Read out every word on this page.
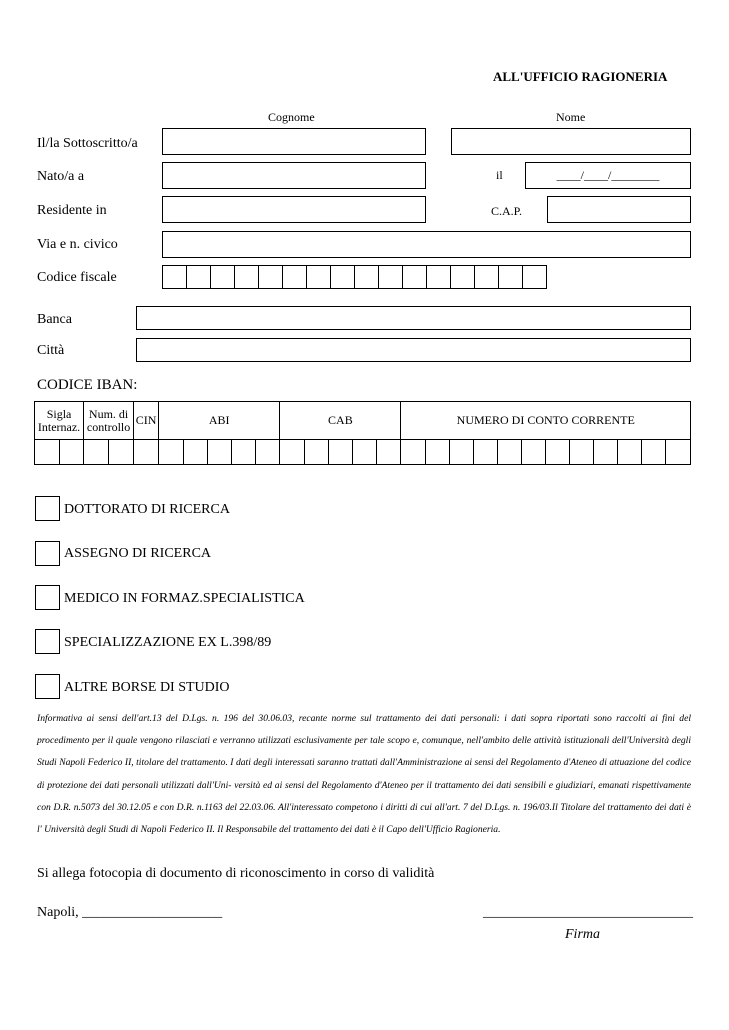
ALL'UFFICIO RAGIONERIA
Cognome	Nome
Il/la Sottoscritto/a
Nato/a a	il	____/____/________
Residente in	C.A.P.
Via e n. civico
Codice fiscale
Banca
Città
CODICE IBAN:
Sigla Internaz.		Num. di controllo		CIN	ABI					CAB					NUMERO DI CONTO CORRENTE											

DOTTORATO DI RICERCA
ASSEGNO DI RICERCA
MEDICO IN FORMAZ.SPECIALISTICA
SPECIALIZZAZIONE EX L.398/89
ALTRE BORSE DI STUDIO
Informativa ai sensi dell'art.13 del D.Lgs. n. 196 del 30.06.03, recante norme sul trattamento dei dati personali: i dati sopra riportati sono raccolti ai fini del procedimento per il quale vengono rilasciati e verranno utilizzati esclusivamente per tale scopo e, comunque, nell'ambito delle attività istituzionali dell'Università degli Studi Napoli Federico II, titolare del trattamento. I dati degli interessati saranno trattati dall'Amministrazione ai sensi del Regolamento d'Ateneo di attuazione del codice di protezione dei dati personali utilizzati dall'Uni- versità ed ai sensi del Regolamento d'Ateneo per il trattamento dei dati sensibili e giudiziari, emanati rispettivamente con D.R. n.5073 del 30.12.05 e con D.R. n.1163 del 22.03.06. All'interessato competono i diritti di cui all'art. 7 del D.Lgs. n. 196/03.Il Titolare del trattamento dei dati è l' Università degli Studi di Napoli Federico II. Il Responsabile del trattamento dei dati è il Capo dell'Ufficio Ragioneria.
Si allega fotocopia di documento di riconoscimento in corso di validità
Napoli, ____________________	______________________________
Firma
